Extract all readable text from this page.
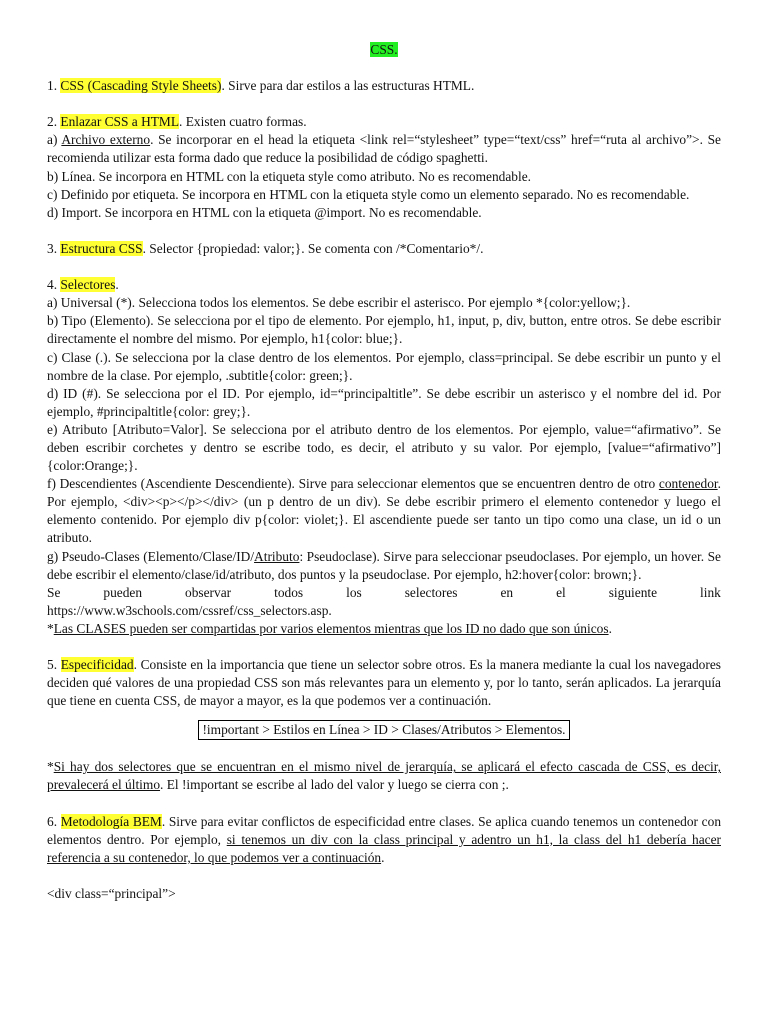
CSS.

1. CSS (Cascading Style Sheets). Sirve para dar estilos a las estructuras HTML.

2. Enlazar CSS a HTML. Existen cuatro formas.

a) Archivo externo. Se incorporar en el head la etiqueta <link rel=“stylesheet” type=“text/css” href=“ruta al archivo”>. Se recomienda utilizar esta forma dado que reduce la posibilidad de código spaghetti.

b) Línea. Se incorpora en HTML con la etiqueta style como atributo. No es recomendable.

c) Definido por etiqueta. Se incorpora en HTML con la etiqueta style como un elemento separado. No es recomendable.

d) Import. Se incorpora en HTML con la etiqueta @import. No es recomendable.

3. Estructura CSS. Selector {propiedad: valor;}. Se comenta con /*Comentario*/.

4. Selectores.

a) Universal (*). Selecciona todos los elementos. Se debe escribir el asterisco. Por ejemplo *{color:yellow;}.

b) Tipo (Elemento). Se selecciona por el tipo de elemento. Por ejemplo, h1, input, p, div, button, entre otros. Se debe escribir directamente el nombre del mismo. Por ejemplo, h1{color: blue;}.

c) Clase (.). Se selecciona por la clase dentro de los elementos. Por ejemplo, class=principal. Se debe escribir un punto y el nombre de la clase. Por ejemplo, .subtitle{color: green;}.

d) ID (#). Se selecciona por el ID. Por ejemplo, id=“principaltitle”. Se debe escribir un asterisco y el nombre del id. Por ejemplo, #principaltitle{color: grey;}.

e) Atributo [Atributo=Valor]. Se selecciona por el atributo dentro de los elementos. Por ejemplo, value=“afirmativo”. Se deben escribir corchetes y dentro se escribe todo, es decir, el atributo y su valor. Por ejemplo, [value=“afirmativo”]{color:Orange;}.

f) Descendientes (Ascendiente Descendiente). Sirve para seleccionar elementos que se encuentren dentro de otro contenedor. Por ejemplo, <div><p></p></div> (un p dentro de un div). Se debe escribir primero el elemento contenedor y luego el elemento contenido. Por ejemplo div p{color: violet;}. El ascendiente puede ser tanto un tipo como una clase, un id o un atributo.

g) Pseudo-Clases (Elemento/Clase/ID/Atributo: Pseudoclase). Sirve para seleccionar pseudoclases. Por ejemplo, un hover. Se debe escribir el elemento/clase/id/atributo, dos puntos y la pseudoclase. Por ejemplo, h2:hover{color: brown;}.

Se	pueden	observar	todos	los	selectores	en	el	siguiente	link

https://www.w3schools.com/cssref/css_selectors.asp.

*Las CLASES pueden ser compartidas por varios elementos mientras que los ID no dado que son únicos.

5. Especificidad. Consiste en la importancia que tiene un selector sobre otros. Es la manera mediante la cual los navegadores deciden qué valores de una propiedad CSS son más relevantes para un elemento y, por lo tanto, serán aplicados. La jerarquía que tiene en cuenta CSS, de mayor a mayor, es la que podemos ver a continuación.

!important > Estilos en Línea > ID > Clases/Atributos > Elementos.

*Si hay dos selectores que se encuentran en el mismo nivel de jerarquía, se aplicará el efecto cascada de CSS, es decir, prevalecerá el último. El !important se escribe al lado del valor y luego se cierra con ;.

6. Metodología BEM. Sirve para evitar conflictos de especificidad entre clases. Se aplica cuando tenemos un contenedor con elementos dentro. Por ejemplo, si tenemos un div con la class principal y adentro un h1, la class del h1 debería hacer referencia a su contenedor, lo que podemos ver a continuación.

<div class=“principal”>
